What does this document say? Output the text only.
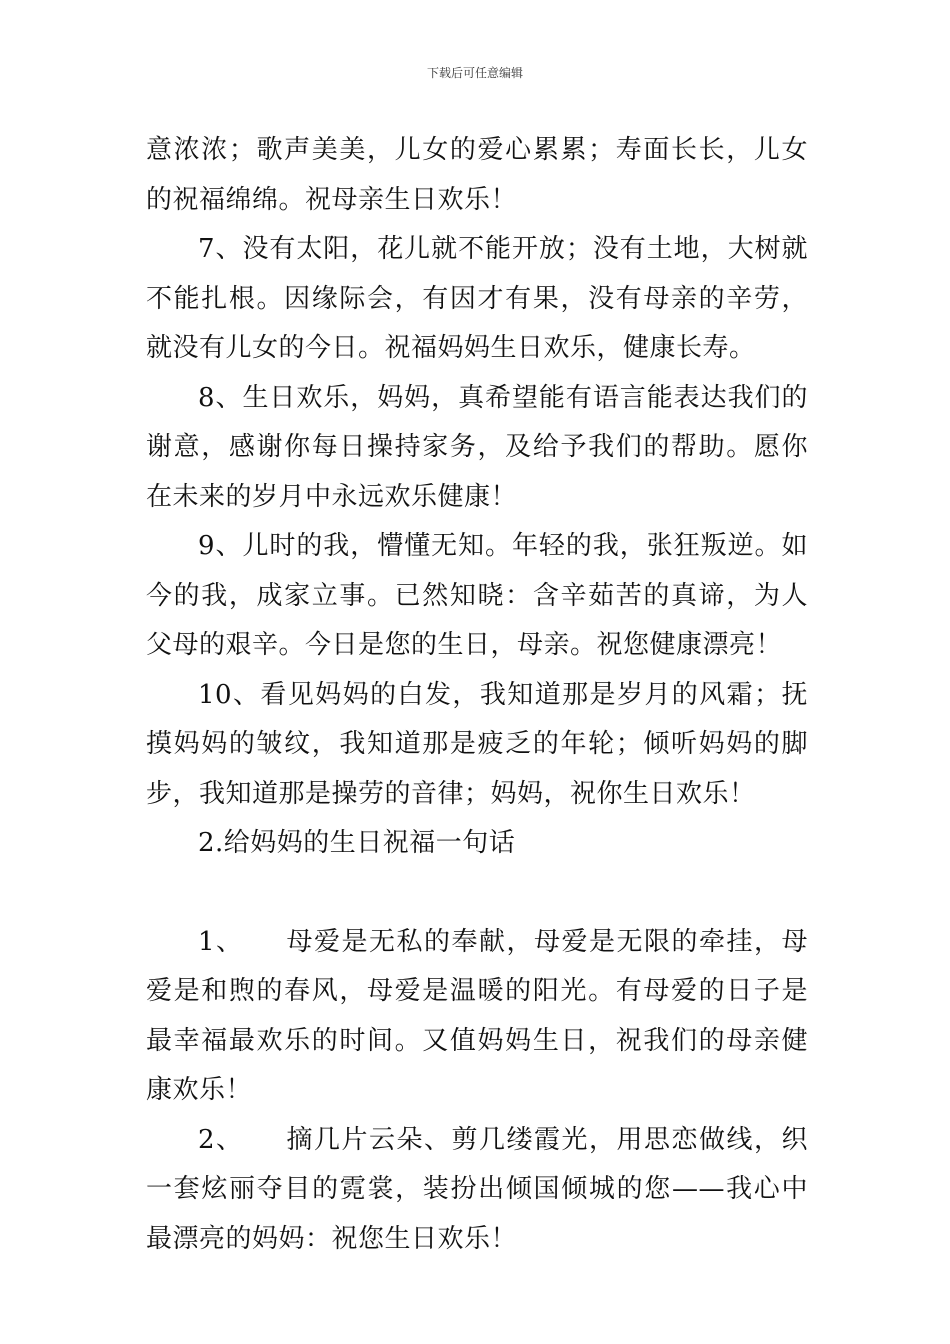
下载后可任意编辑

意浓浓；歌声美美，儿女的爱心累累；寿面长长，儿女的祝福绵绵。祝母亲生日欢乐！

7、没有太阳，花儿就不能开放；没有土地，大树就不能扎根。因缘际会，有因才有果，没有母亲的辛劳，就没有儿女的今日。祝福妈妈生日欢乐，健康长寿。

8、生日欢乐，妈妈，真希望能有语言能表达我们的谢意，感谢你每日操持家务，及给予我们的帮助。愿你在未来的岁月中永远欢乐健康！

9、儿时的我，懵懂无知。年轻的我，张狂叛逆。如今的我，成家立事。已然知晓：含辛茹苦的真谛，为人父母的艰辛。今日是您的生日，母亲。祝您健康漂亮！

10、看见妈妈的白发，我知道那是岁月的风霜；抚摸妈妈的皱纹，我知道那是疲乏的年轮；倾听妈妈的脚步，我知道那是操劳的音律；妈妈，祝你生日欢乐！

2.给妈妈的生日祝福一句话

1、 母爱是无私的奉献，母爱是无限的牵挂，母爱是和煦的春风，母爱是温暖的阳光。有母爱的日子是最幸福最欢乐的时间。又值妈妈生日，祝我们的母亲健康欢乐！

2、 摘几片云朵、剪几缕霞光，用思恋做线，织一套炫丽夺目的霓裳，装扮出倾国倾城的您——我心中最漂亮的妈妈：祝您生日欢乐！
